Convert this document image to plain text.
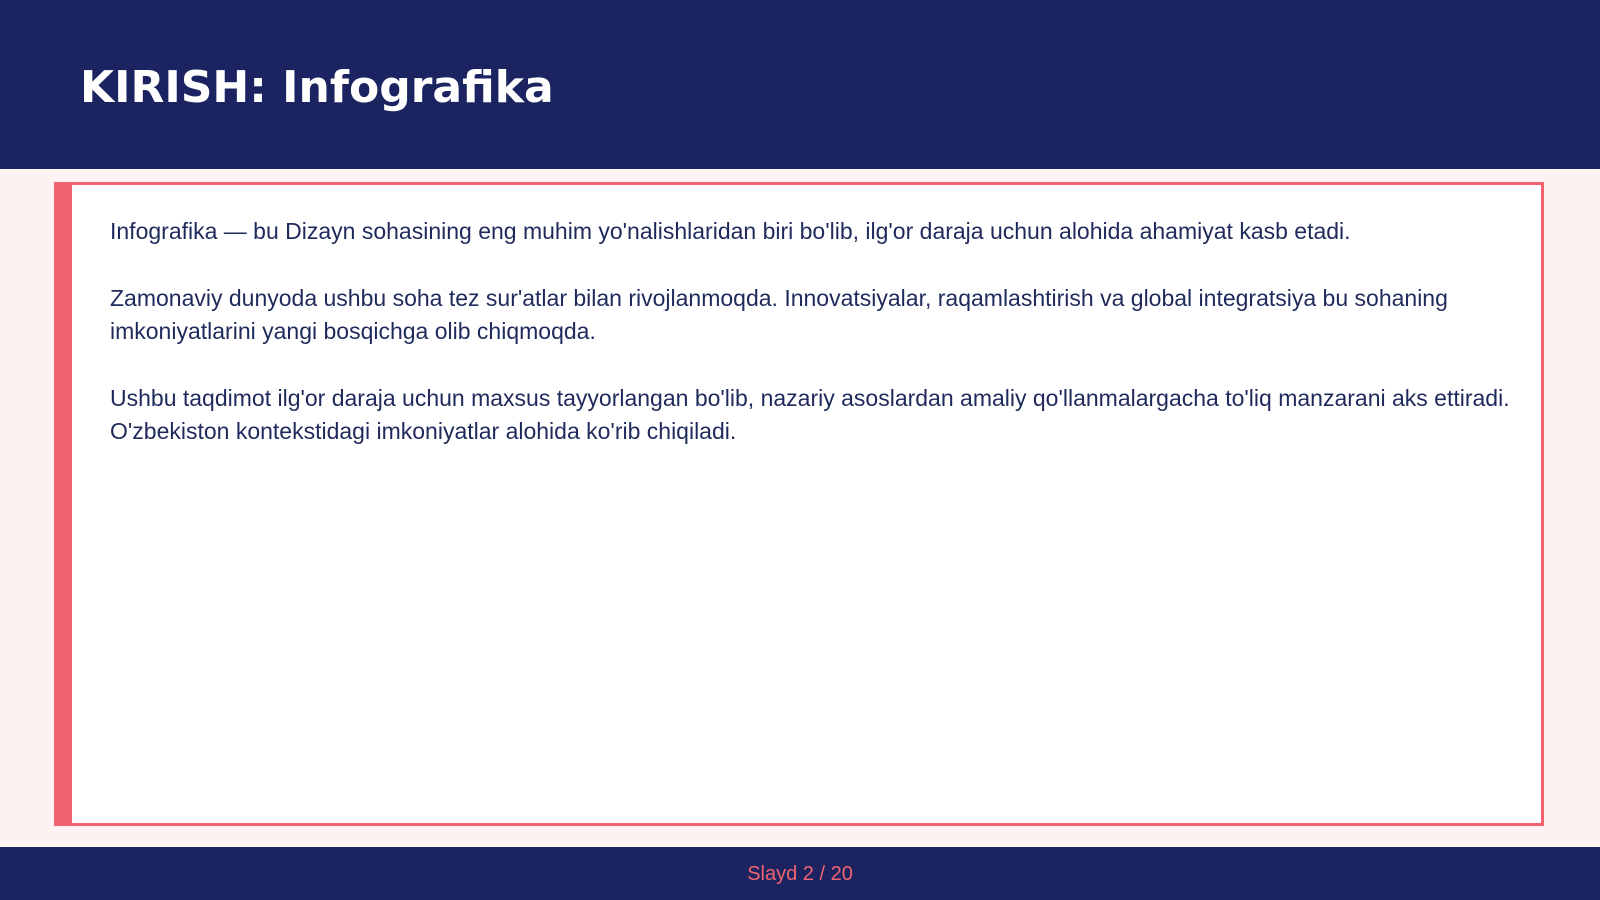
KIRISH: Infografika

Infografika — bu Dizayn sohasining eng muhim yo'nalishlaridan biri bo'lib, ilg'or daraja uchun alohida ahamiyat kasb etadi.

Zamonaviy dunyoda ushbu soha tez sur'atlar bilan rivojlanmoqda. Innovatsiyalar, raqamlashtirish va global integratsiya bu sohaning imkoniyatlarini yangi bosqichga olib chiqmoqda.

Ushbu taqdimot ilg'or daraja uchun maxsus tayyorlangan bo'lib, nazariy asoslardan amaliy qo'llanmalargacha to'liq manzarani aks ettiradi. O'zbekiston kontekstidagi imkoniyatlar alohida ko'rib chiqiladi.

Slayd 2 / 20
